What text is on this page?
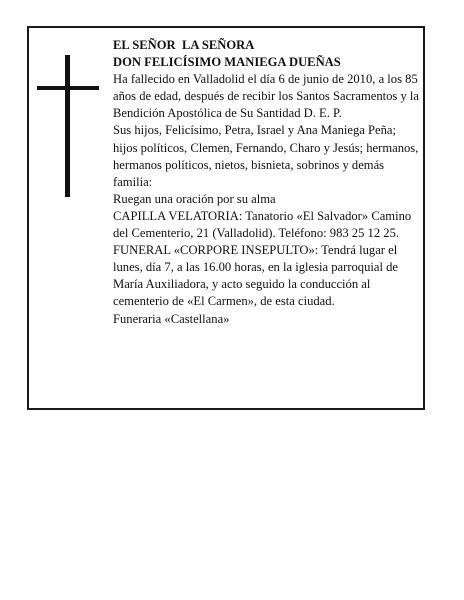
EL SEÑOR  LA SEÑORA

DON FELICÍSIMO MANIEGA DUEÑAS

Ha fallecido en Valladolid el día 6 de junio de 2010, a los 85 años de edad, después de recibir los Santos Sacramentos y la Bendición Apostólica de Su Santidad D. E. P.

Sus hijos, Felicísimo, Petra, Israel y Ana Maniega Peña; hijos políticos, Clemen, Fernando, Charo y Jesús; hermanos, hermanos políticos, nietos, bisnieta, sobrinos y demás familia:

Ruegan una oración por su alma

CAPILLA VELATORIA: Tanatorio «El Salvador» Camino del Cementerio, 21 (Valladolid). Teléfono: 983 25 12 25.

FUNERAL «CORPORE INSEPULTO»: Tendrá lugar el lunes, día 7, a las 16.00 horas, en la iglesia parroquial de María Auxiliadora, y acto seguido la conducción al cementerio de «El Carmen», de esta ciudad.

Funeraria «Castellana»
